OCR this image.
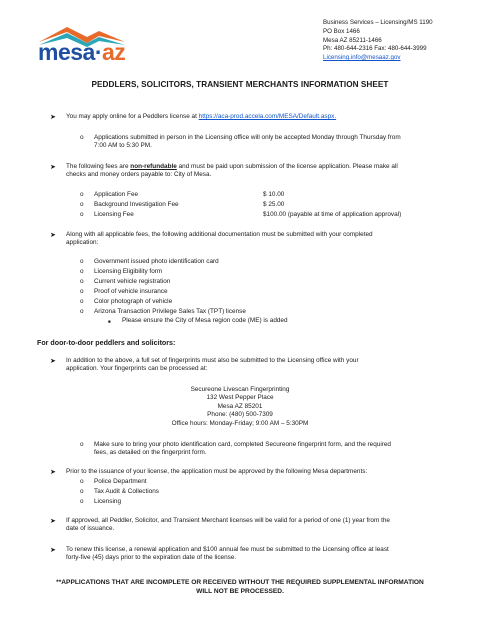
mesa·az
Business Services – Licensing/MS 1190
PO Box 1466
Mesa AZ 85211-1466
Ph: 480-644-2316 Fax: 480-644-3999
Licensing.info@mesaaz.gov
PEDDLERS, SOLICITORS, TRANSIENT MERCHANTS INFORMATION SHEET
➤ You may apply online for a Peddlers license at https://aca-prod.accela.com/MESA/Default.aspx.
o Applications submitted in person in the Licensing office will only be accepted Monday through Thursday from
7:00 AM to 5:30 PM.
➤ The following fees are non-refundable and must be paid upon submission of the license application. Please make all
checks and money orders payable to: City of Mesa.
o Application Fee	$ 10.00
o Background Investigation Fee	$ 25.00
o Licensing Fee	$100.00 (payable at time of application approval)
➤ Along with all applicable fees, the following additional documentation must be submitted with your completed
application:
o Government issued photo identification card
o Licensing Eligibility form
o Current vehicle registration
o Proof of vehicle insurance
o Color photograph of vehicle
o Arizona Transaction Privilege Sales Tax (TPT) license
■ Please ensure the City of Mesa region code (ME) is added
For door-to-door peddlers and solicitors:
➤ In addition to the above, a full set of fingerprints must also be submitted to the Licensing office with your
application. Your fingerprints can be processed at:
Secureone Livescan Fingerprinting
132 West Pepper Place
Mesa AZ 85201
Phone: (480) 500-7309
Office hours: Monday-Friday; 9:00 AM – 5:30PM
o Make sure to bring your photo identification card, completed Secureone fingerprint form, and the required
fees, as detailed on the fingerprint form.
➤ Prior to the issuance of your license, the application must be approved by the following Mesa departments:
o Police Department
o Tax Audit & Collections
o Licensing
➤ If approved, all Peddler, Solicitor, and Transient Merchant licenses will be valid for a period of one (1) year from the
date of issuance.
➤ To renew this license, a renewal application and $100 annual fee must be submitted to the Licensing office at least
forty-five (45) days prior to the expiration date of the license.
**APPLICATIONS THAT ARE INCOMPLETE OR RECEIVED WITHOUT THE REQUIRED SUPPLEMENTAL INFORMATION
WILL NOT BE PROCESSED.
